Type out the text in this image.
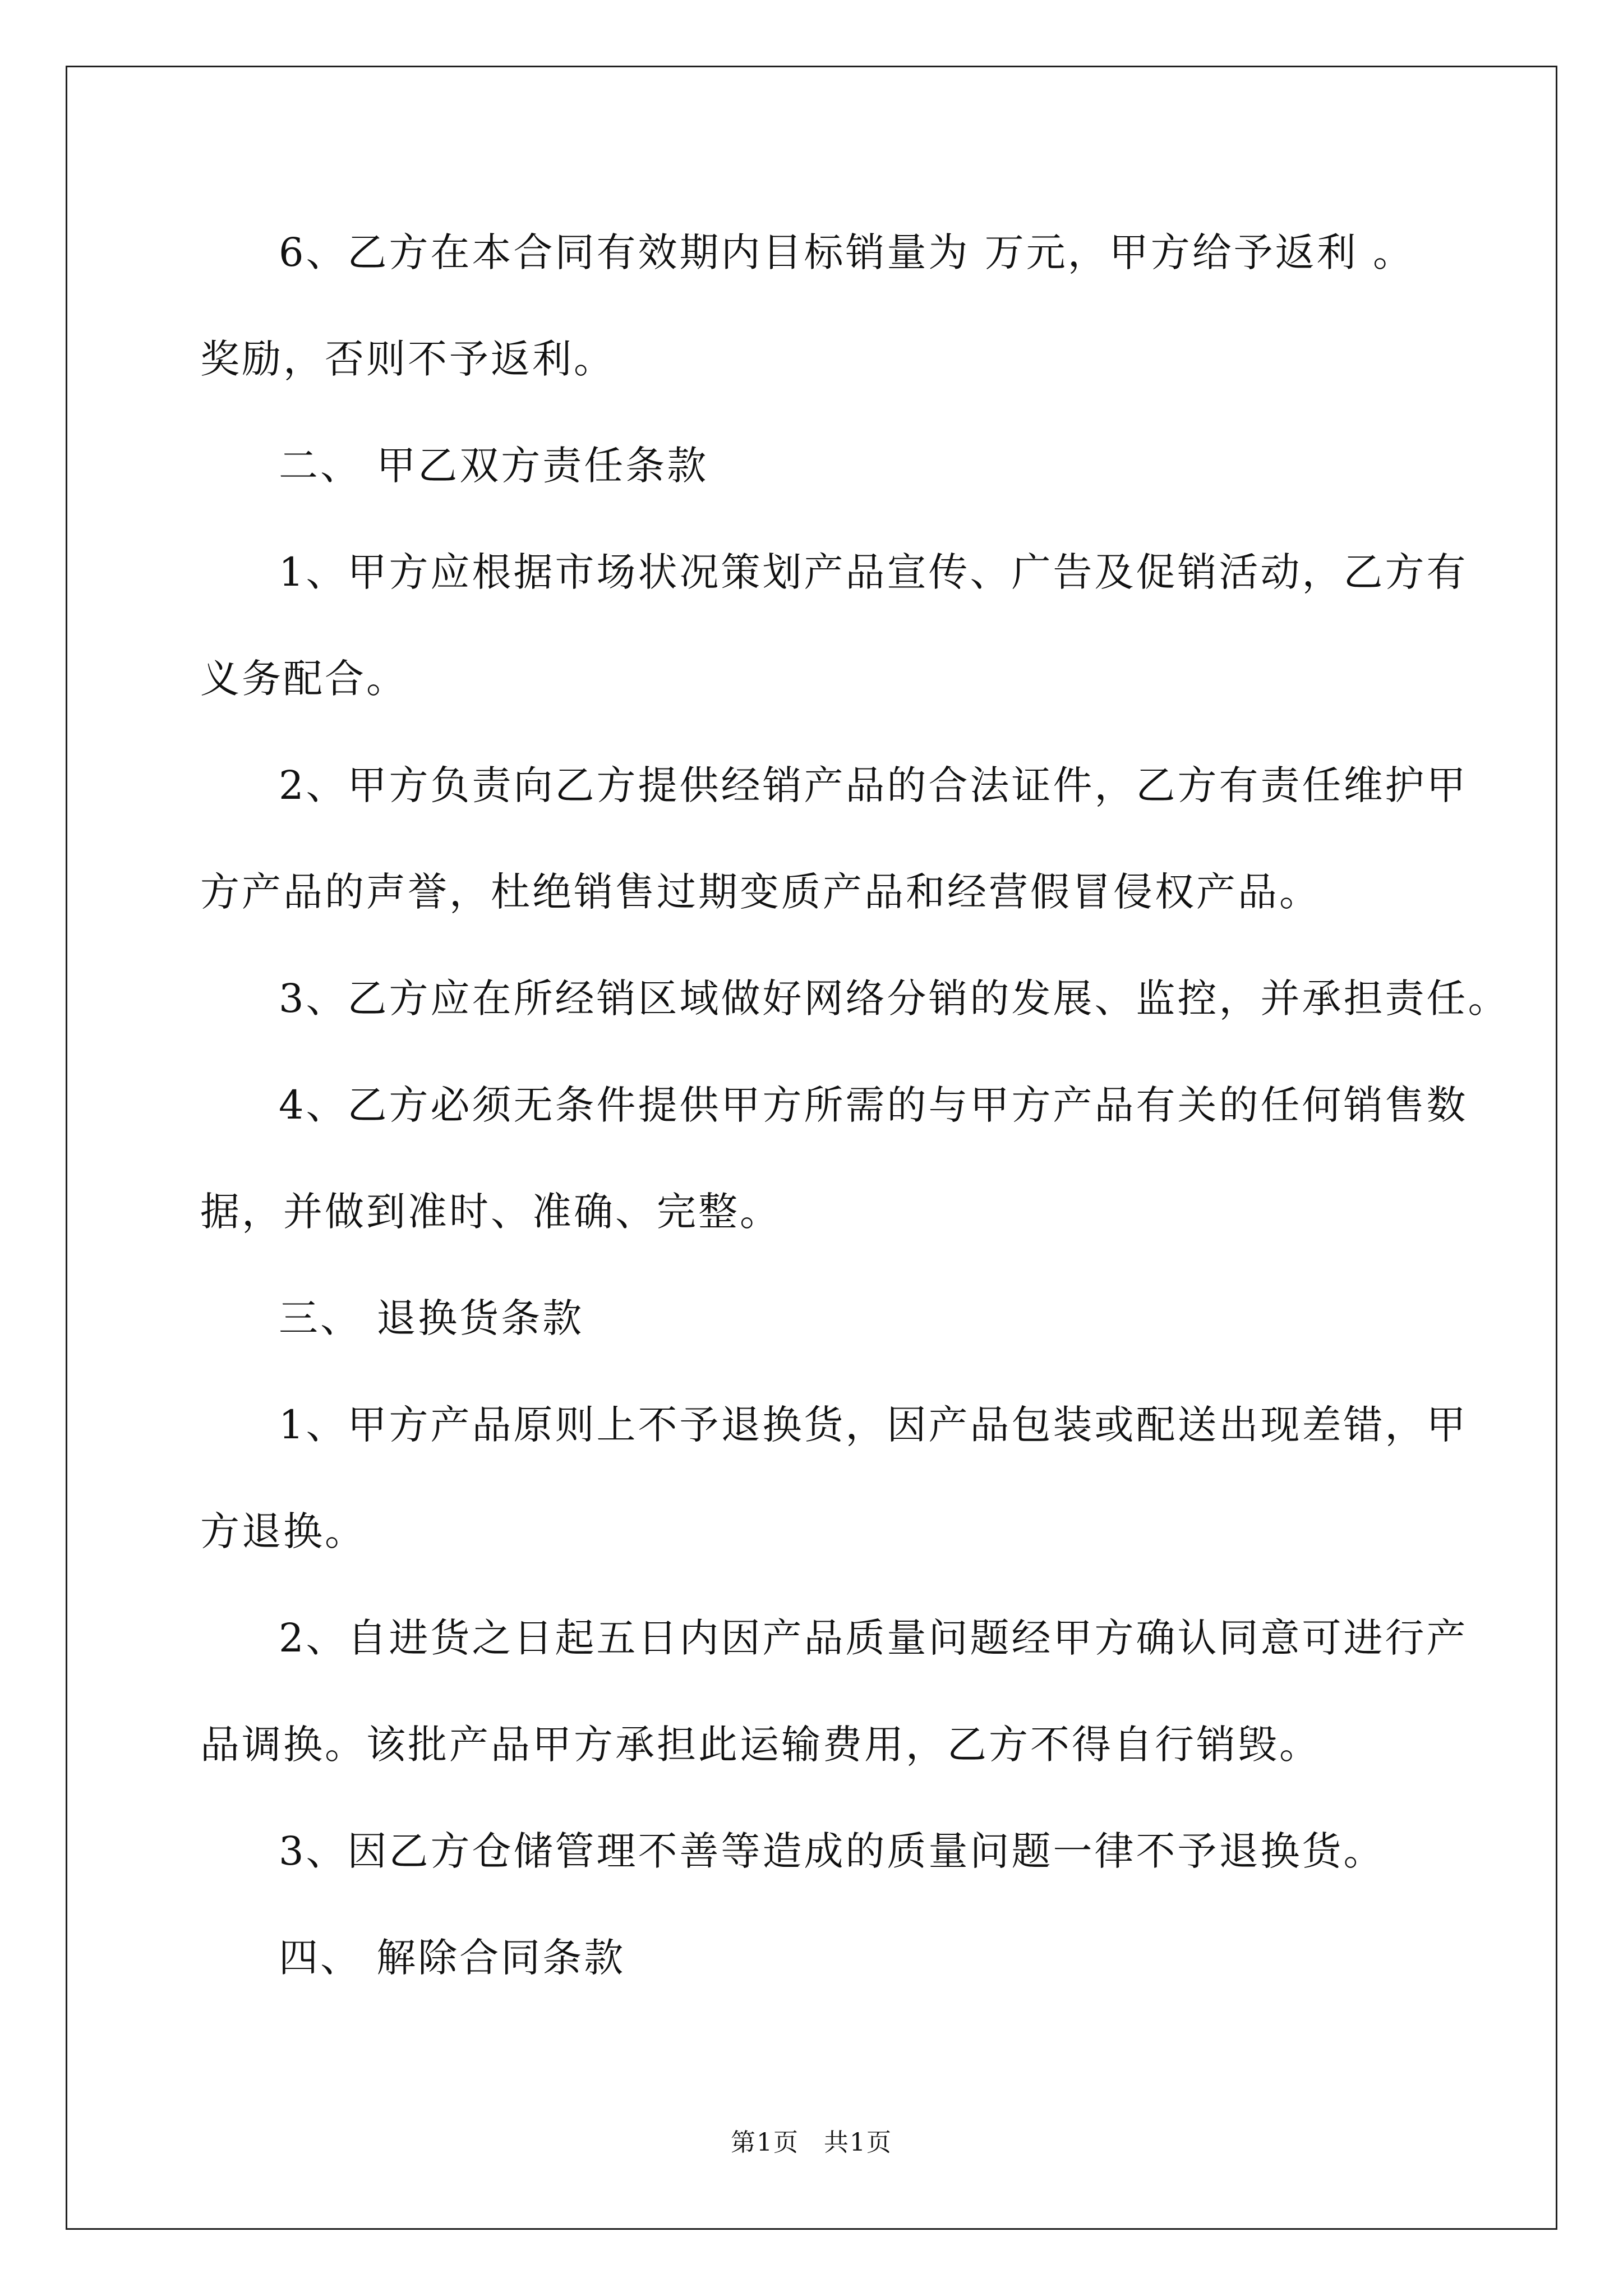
6、乙方在本合同有效期内目标销量为 万元，甲方给予返利 。
奖励，否则不予返利。
二、 甲乙双方责任条款
1、甲方应根据市场状况策划产品宣传、广告及促销活动，乙方有
义务配合。
2、甲方负责向乙方提供经销产品的合法证件，乙方有责任维护甲
方产品的声誉，杜绝销售过期变质产品和经营假冒侵权产品。
3、乙方应在所经销区域做好网络分销的发展、监控，并承担责任。
4、乙方必须无条件提供甲方所需的与甲方产品有关的任何销售数
据，并做到准时、准确、完整。
三、 退换货条款
1、甲方产品原则上不予退换货，因产品包装或配送出现差错，甲
方退换。
2、自进货之日起五日内因产品质量问题经甲方确认同意可进行产
品调换。该批产品甲方承担此运输费用，乙方不得自行销毁。
3、因乙方仓储管理不善等造成的质量问题一律不予退换货。
四、 解除合同条款
第1页 共1页
